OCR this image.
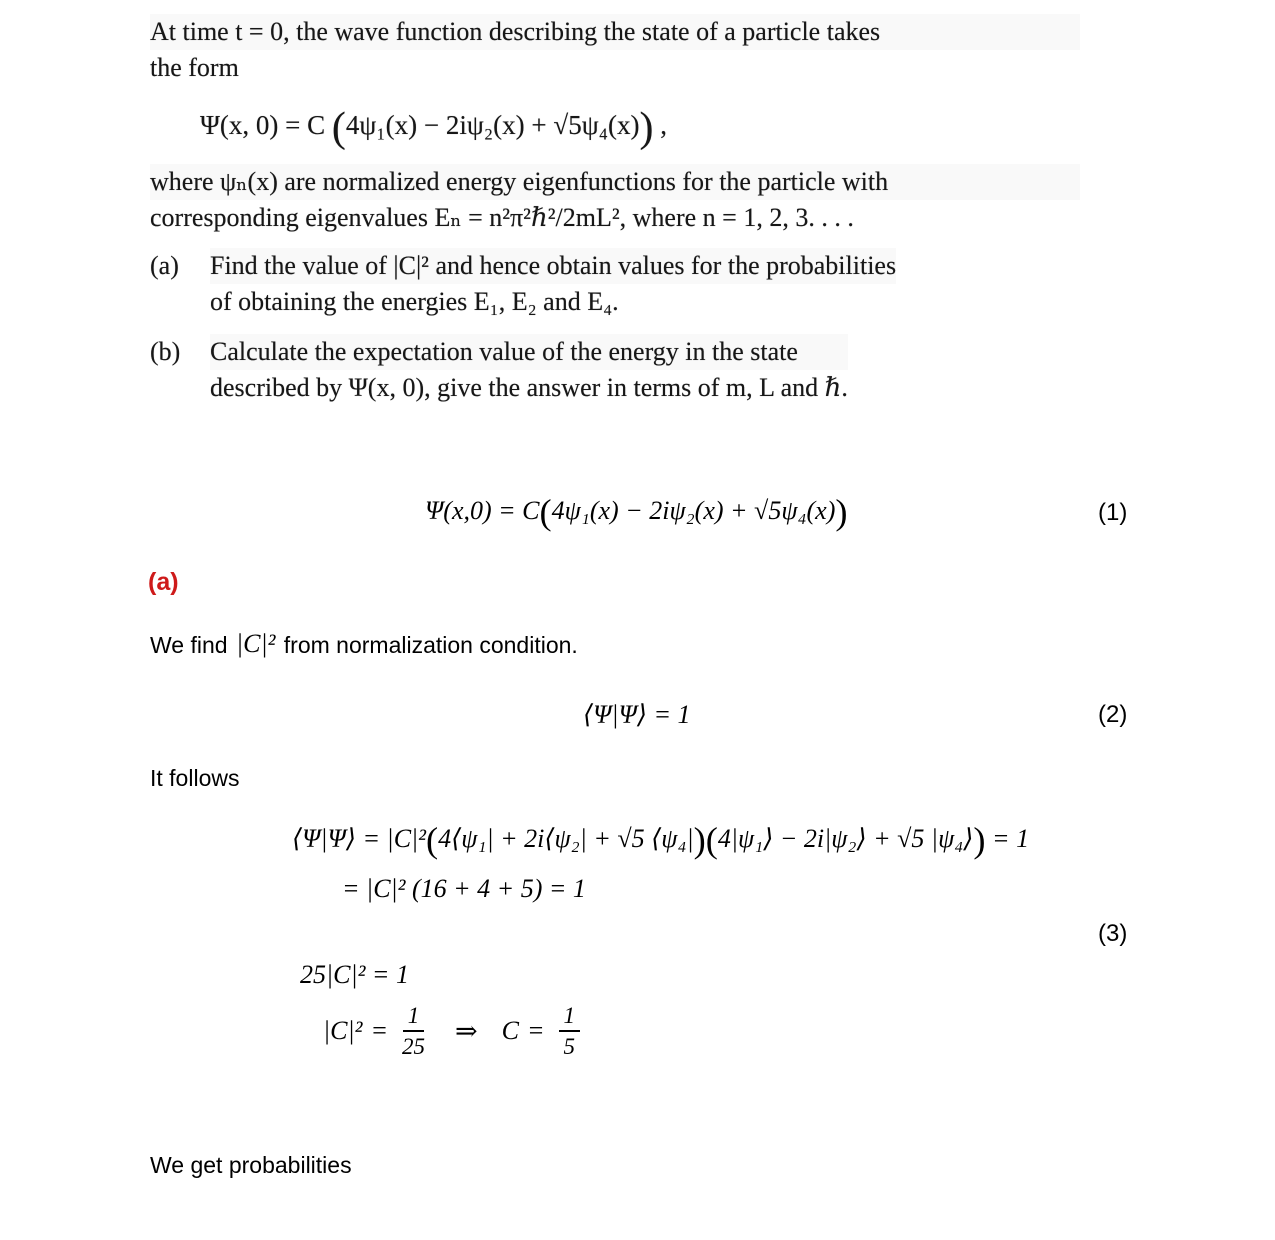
At time t = 0, the wave function describing the state of a particle takes
the form
Ψ(x, 0) = C (4ψ₁(x) − 2iψ₂(x) + √5ψ₄(x)) ,
where ψₙ(x) are normalized energy eigenfunctions for the particle with
corresponding eigenvalues Eₙ = n²π²ℏ²/2mL², where n = 1, 2, 3. . . .
(a)	Find the value of |C|² and hence obtain values for the probabilities
of obtaining the energies E₁, E₂ and E₄.
(b)	Calculate the expectation value of the energy in the state
described by Ψ(x, 0), give the answer in terms of m, L and ℏ.
Ψ(x,0) = C(4ψ₁(x) − 2iψ₂(x) + √5ψ₄(x))	(1)
(a)
We find |C|² from normalization condition.
⟨Ψ|Ψ⟩ = 1	(2)
It follows
⟨Ψ|Ψ⟩ = |C|²(4⟨ψ₁| + 2i⟨ψ₂| + √5 ⟨ψ₄|)(4|ψ₁⟩ − 2i|ψ₂⟩ + √5 |ψ₄⟩) = 1
= |C|² (16 + 4 + 5) = 1
(3)
25|C|² = 1
$|C|^2 = \frac{1}{25}$ ⇒ $C = \frac{1}{5}$
We get probabilities
